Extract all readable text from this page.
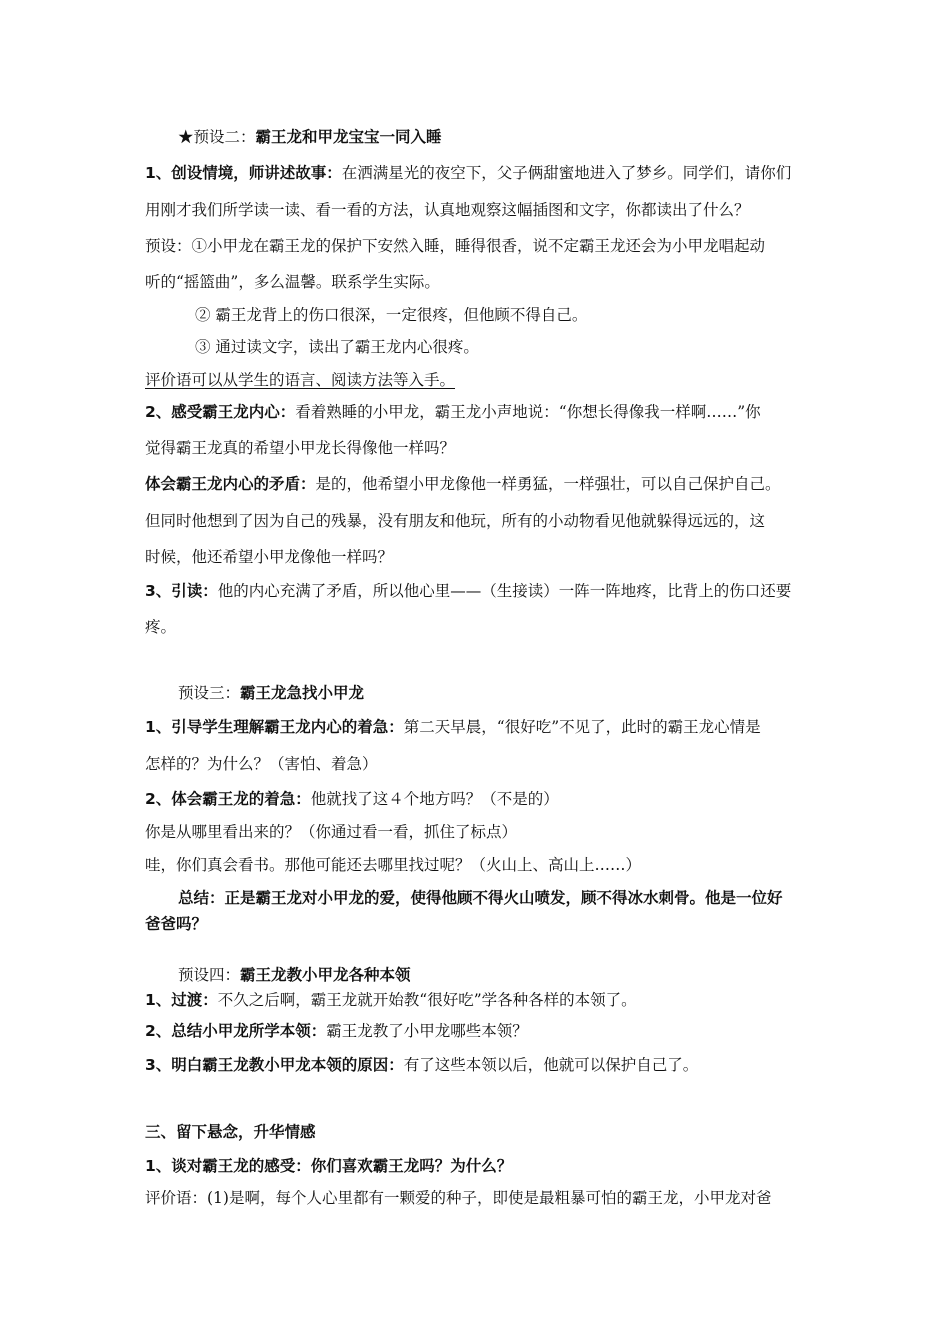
★预设二：霸王龙和甲龙宝宝一同入睡
1、创设情境，师讲述故事：在洒满星光的夜空下，父子俩甜蜜地进入了梦乡。同学们，请你们
用刚才我们所学读一读、看一看的方法，认真地观察这幅插图和文字，你都读出了什么？
预设：①小甲龙在霸王龙的保护下安然入睡，睡得很香，说不定霸王龙还会为小甲龙唱起动
听的“摇篮曲”，多么温馨。联系学生实际。
② 霸王龙背上的伤口很深，一定很疼，但他顾不得自己。
③ 通过读文字，读出了霸王龙内心很疼。
评价语可以从学生的语言、阅读方法等入手。
2、感受霸王龙内心：看着熟睡的小甲龙，霸王龙小声地说：“你想长得像我一样啊……”你
觉得霸王龙真的希望小甲龙长得像他一样吗？
体会霸王龙内心的矛盾：是的，他希望小甲龙像他一样勇猛，一样强壮，可以自己保护自己。
但同时他想到了因为自己的残暴，没有朋友和他玩，所有的小动物看见他就躲得远远的，这
时候，他还希望小甲龙像他一样吗？
3、引读：他的内心充满了矛盾，所以他心里——（生接读）一阵一阵地疼，比背上的伤口还要
疼。
预设三：霸王龙急找小甲龙
1、引导学生理解霸王龙内心的着急：第二天早晨，“很好吃”不见了，此时的霸王龙心情是
怎样的？为什么？（害怕、着急）
2、体会霸王龙的着急：他就找了这４个地方吗？（不是的）
你是从哪里看出来的？（你通过看一看，抓住了标点）
哇，你们真会看书。那他可能还去哪里找过呢？（火山上、高山上……）
总结：正是霸王龙对小甲龙的爱，使得他顾不得火山喷发，顾不得冰水刺骨。他是一位好
爸爸吗？
预设四：霸王龙教小甲龙各种本领
1、过渡：不久之后啊，霸王龙就开始教“很好吃”学各种各样的本领了。
2、总结小甲龙所学本领：霸王龙教了小甲龙哪些本领？
3、明白霸王龙教小甲龙本领的原因：有了这些本领以后，他就可以保护自己了。
三、留下悬念，升华情感
1、谈对霸王龙的感受：你们喜欢霸王龙吗？为什么？
评价语：(1)是啊，每个人心里都有一颗爱的种子，即使是最粗暴可怕的霸王龙，小甲龙对爸
